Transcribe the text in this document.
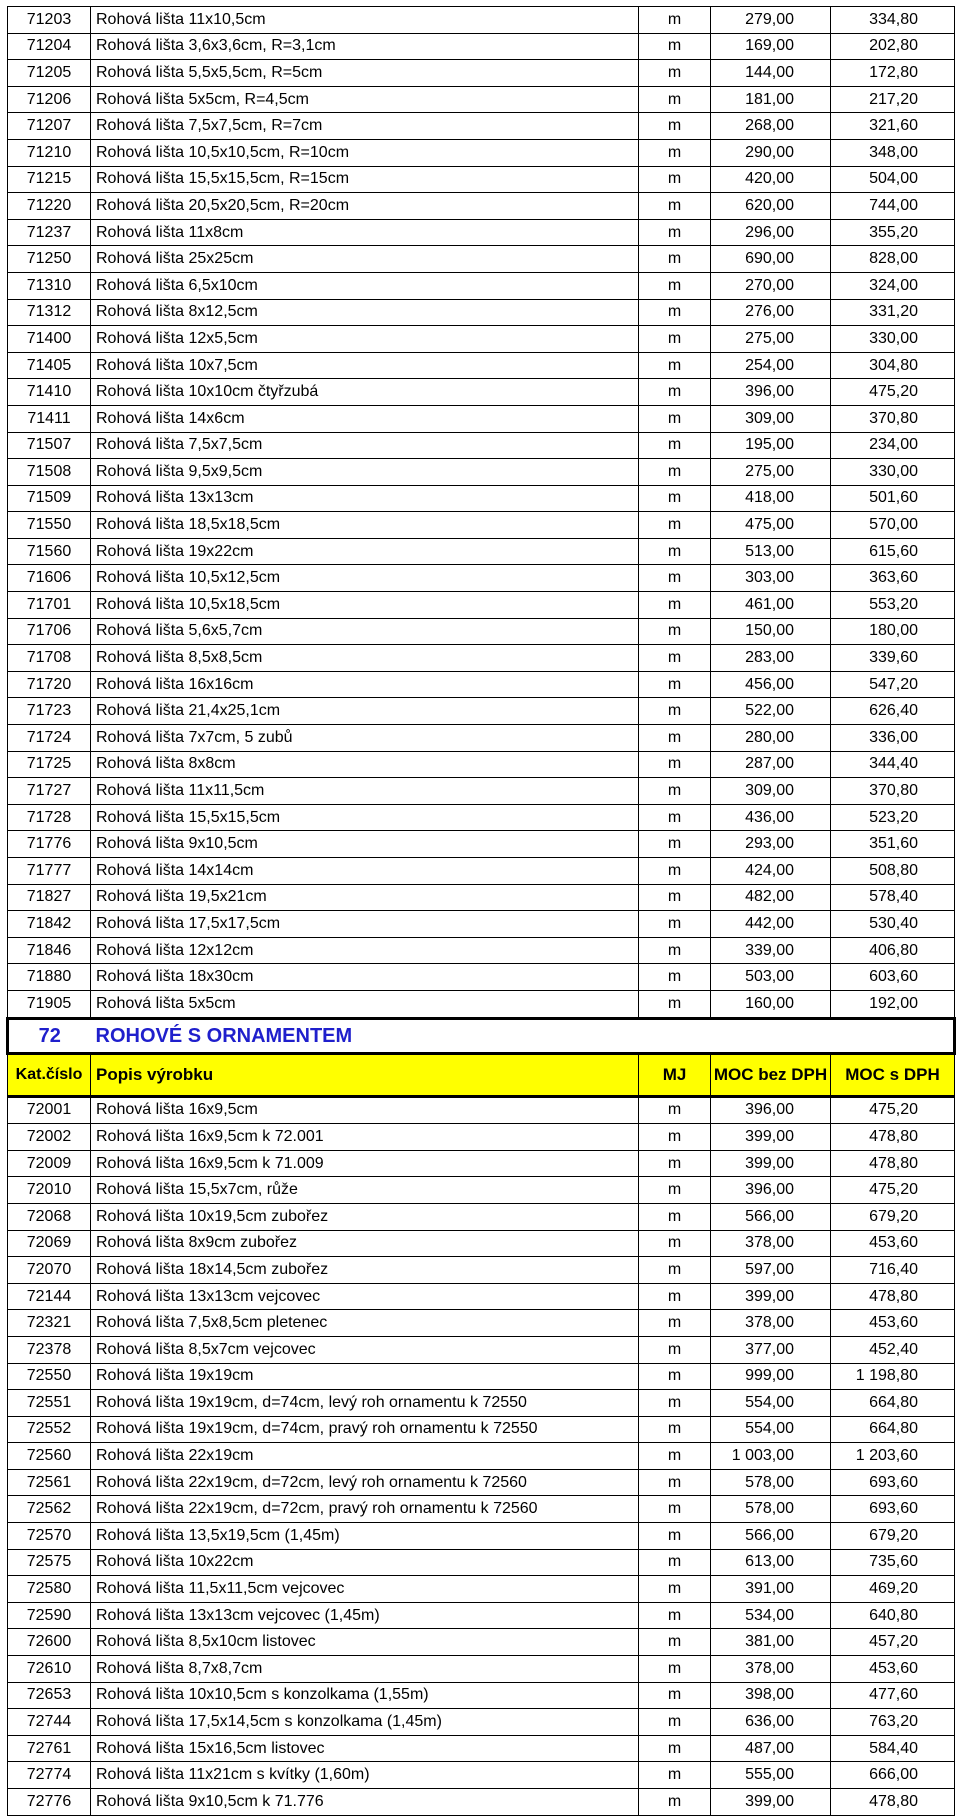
71203	Rohová lišta 11x10,5cm	m	279,00	334,80
71204	Rohová lišta 3,6x3,6cm, R=3,1cm	m	169,00	202,80
71205	Rohová lišta 5,5x5,5cm, R=5cm	m	144,00	172,80
71206	Rohová lišta 5x5cm, R=4,5cm	m	181,00	217,20
71207	Rohová lišta 7,5x7,5cm, R=7cm	m	268,00	321,60
71210	Rohová lišta 10,5x10,5cm, R=10cm	m	290,00	348,00
71215	Rohová lišta 15,5x15,5cm, R=15cm	m	420,00	504,00
71220	Rohová lišta 20,5x20,5cm, R=20cm	m	620,00	744,00
71237	Rohová lišta 11x8cm	m	296,00	355,20
71250	Rohová lišta 25x25cm	m	690,00	828,00
71310	Rohová lišta 6,5x10cm	m	270,00	324,00
71312	Rohová lišta 8x12,5cm	m	276,00	331,20
71400	Rohová lišta 12x5,5cm	m	275,00	330,00
71405	Rohová lišta 10x7,5cm	m	254,00	304,80
71410	Rohová lišta 10x10cm čtyřzubá	m	396,00	475,20
71411	Rohová lišta 14x6cm	m	309,00	370,80
71507	Rohová lišta 7,5x7,5cm	m	195,00	234,00
71508	Rohová lišta 9,5x9,5cm	m	275,00	330,00
71509	Rohová lišta 13x13cm	m	418,00	501,60
71550	Rohová lišta 18,5x18,5cm	m	475,00	570,00
71560	Rohová lišta 19x22cm	m	513,00	615,60
71606	Rohová lišta 10,5x12,5cm	m	303,00	363,60
71701	Rohová lišta 10,5x18,5cm	m	461,00	553,20
71706	Rohová lišta 5,6x5,7cm	m	150,00	180,00
71708	Rohová lišta 8,5x8,5cm	m	283,00	339,60
71720	Rohová lišta 16x16cm	m	456,00	547,20
71723	Rohová lišta 21,4x25,1cm	m	522,00	626,40
71724	Rohová lišta 7x7cm, 5 zubů	m	280,00	336,00
71725	Rohová lišta 8x8cm	m	287,00	344,40
71727	Rohová lišta 11x11,5cm	m	309,00	370,80
71728	Rohová lišta 15,5x15,5cm	m	436,00	523,20
71776	Rohová lišta 9x10,5cm	m	293,00	351,60
71777	Rohová lišta 14x14cm	m	424,00	508,80
71827	Rohová lišta 19,5x21cm	m	482,00	578,40
71842	Rohová lišta 17,5x17,5cm	m	442,00	530,40
71846	Rohová lišta 12x12cm	m	339,00	406,80
71880	Rohová lišta 18x30cm	m	503,00	603,60
71905	Rohová lišta 5x5cm	m	160,00	192,00
72	ROHOVÉ S ORNAMENTEM			
Kat.číslo	Popis výrobku	MJ	MOC bez DPH	MOC s DPH
72001	Rohová lišta 16x9,5cm	m	396,00	475,20
72002	Rohová lišta 16x9,5cm k 72.001	m	399,00	478,80
72009	Rohová lišta 16x9,5cm k 71.009	m	399,00	478,80
72010	Rohová lišta 15,5x7cm, růže	m	396,00	475,20
72068	Rohová lišta 10x19,5cm zubořez	m	566,00	679,20
72069	Rohová lišta 8x9cm zubořez	m	378,00	453,60
72070	Rohová lišta 18x14,5cm zubořez	m	597,00	716,40
72144	Rohová lišta 13x13cm vejcovec	m	399,00	478,80
72321	Rohová lišta 7,5x8,5cm pletenec	m	378,00	453,60
72378	Rohová lišta 8,5x7cm vejcovec	m	377,00	452,40
72550	Rohová lišta 19x19cm	m	999,00	1 198,80
72551	Rohová lišta 19x19cm, d=74cm, levý roh ornamentu k 72550	m	554,00	664,80
72552	Rohová lišta 19x19cm, d=74cm, pravý roh ornamentu k 72550	m	554,00	664,80
72560	Rohová lišta 22x19cm	m	1 003,00	1 203,60
72561	Rohová lišta 22x19cm, d=72cm, levý roh ornamentu k 72560	m	578,00	693,60
72562	Rohová lišta 22x19cm, d=72cm, pravý roh ornamentu k 72560	m	578,00	693,60
72570	Rohová lišta 13,5x19,5cm (1,45m)	m	566,00	679,20
72575	Rohová lišta 10x22cm	m	613,00	735,60
72580	Rohová lišta 11,5x11,5cm vejcovec	m	391,00	469,20
72590	Rohová lišta 13x13cm vejcovec (1,45m)	m	534,00	640,80
72600	Rohová lišta 8,5x10cm listovec	m	381,00	457,20
72610	Rohová lišta 8,7x8,7cm	m	378,00	453,60
72653	Rohová lišta 10x10,5cm s konzolkama (1,55m)	m	398,00	477,60
72744	Rohová lišta 17,5x14,5cm s konzolkama (1,45m)	m	636,00	763,20
72761	Rohová lišta 15x16,5cm listovec	m	487,00	584,40
72774	Rohová lišta 11x21cm s kvítky (1,60m)	m	555,00	666,00
72776	Rohová lišta 9x10,5cm k 71.776	m	399,00	478,80
